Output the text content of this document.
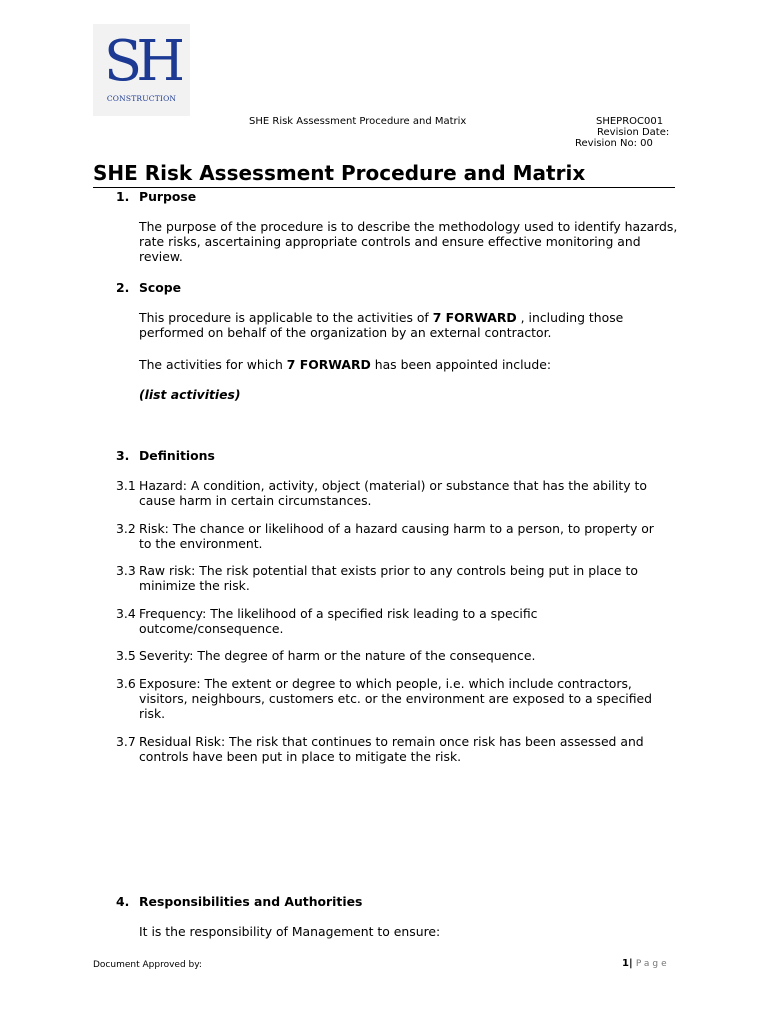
SH
CONSTRUCTION
SHE Risk Assessment Procedure and Matrix	SHEPROC001
Revision Date:
Revision No: 00
SHE Risk Assessment Procedure and Matrix
1. Purpose
The purpose of the procedure is to describe the methodology used to identify hazards, rate risks, ascertaining appropriate controls and ensure effective monitoring and review.
2. Scope
This procedure is applicable to the activities of 7 FORWARD , including those performed on behalf of the organization by an external contractor.
The activities for which 7 FORWARD has been appointed include:
(list activities)
3. Definitions
3.1 Hazard: A condition, activity, object (material) or substance that has the ability to cause harm in certain circumstances.
3.2 Risk: The chance or likelihood of a hazard causing harm to a person, to property or to the environment.
3.3 Raw risk: The risk potential that exists prior to any controls being put in place to minimize the risk.
3.4 Frequency: The likelihood of a specified risk leading to a specific outcome/consequence.
3.5 Severity: The degree of harm or the nature of the consequence.
3.6 Exposure: The extent or degree to which people, i.e. which include contractors, visitors, neighbours, customers etc. or the environment are exposed to a specified risk.
3.7 Residual Risk: The risk that continues to remain once risk has been assessed and controls have been put in place to mitigate the risk.
4. Responsibilities and Authorities
It is the responsibility of Management to ensure:
Document Approved by:	1| Page
